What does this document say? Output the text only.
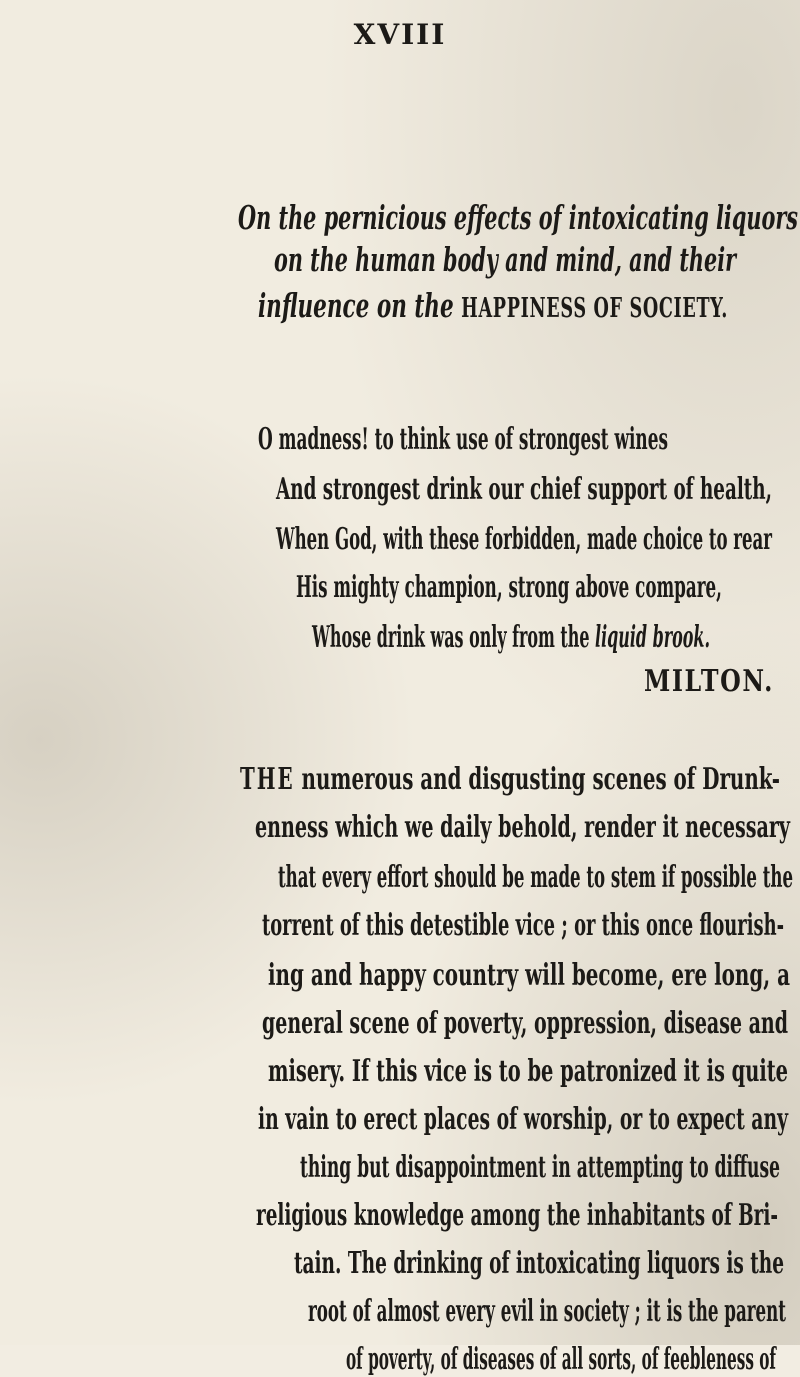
XVIII
On the pernicious effects of intoxicating liquors
on the human body and mind, and their
influence on the HAPPINESS OF SOCIETY.
O madness! to think use of strongest wines
And strongest drink our chief support of health,
When God, with these forbidden, made choice to rear
His mighty champion, strong above compare,
Whose drink was only from the liquid brook.
MILTON.
THE numerous and disgusting scenes of Drunk-
enness which we daily behold, render it necessary
that every effort should be made to stem if possible the
torrent of this detestible vice ; or this once flourish-
ing and happy country will become, ere long, a
general scene of poverty, oppression, disease and
misery. If this vice is to be patronized it is quite
in vain to erect places of worship, or to expect any
thing but disappointment in attempting to diffuse
religious knowledge among the inhabitants of Bri-
tain. The drinking of intoxicating liquors is the
root of almost every evil in society ; it is the parent
of poverty, of diseases of all sorts, of feebleness of
